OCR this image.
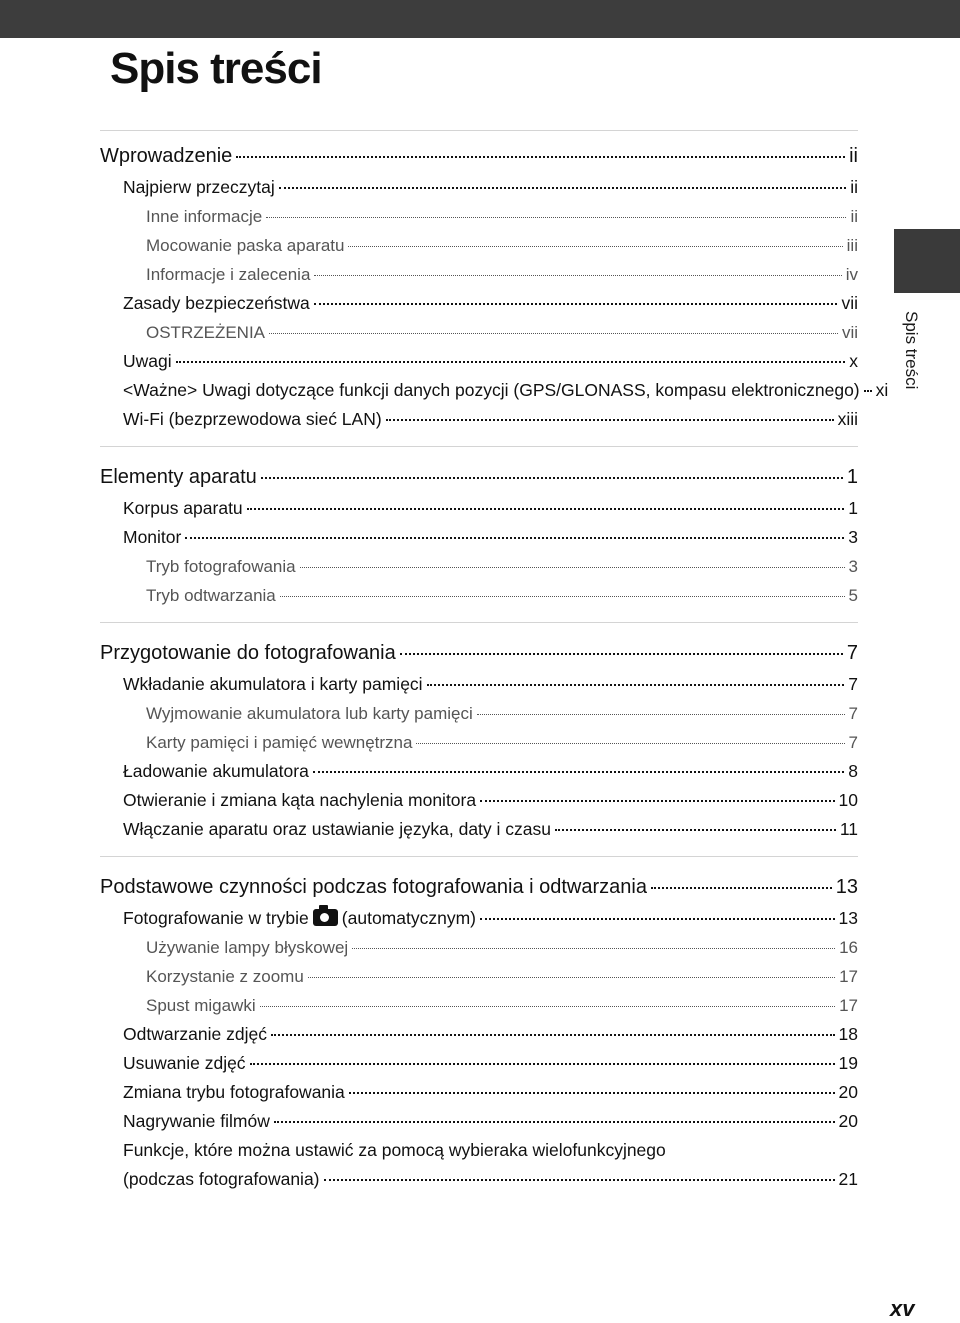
Spis treści
Spis treści
Wprowadzenie	ii
Najpierw przeczytaj	ii
Inne informacje	ii
Mocowanie paska aparatu	iii
Informacje i zalecenia	iv
Zasady bezpieczeństwa	vii
OSTRZEŻENIA	vii
Uwagi	x
<Ważne> Uwagi dotyczące funkcji danych pozycji (GPS/GLONASS, kompasu elektronicznego) xi
Wi-Fi (bezprzewodowa sieć LAN)	xiii
Elementy aparatu	1
Korpus aparatu	1
Monitor	3
Tryb fotografowania	3
Tryb odtwarzania	5
Przygotowanie do fotografowania	7
Wkładanie akumulatora i karty pamięci	7
Wyjmowanie akumulatora lub karty pamięci	7
Karty pamięci i pamięć wewnętrzna	7
Ładowanie akumulatora	8
Otwieranie i zmiana kąta nachylenia monitora	10
Włączanie aparatu oraz ustawianie języka, daty i czasu	11
Podstawowe czynności podczas fotografowania i odtwarzania	13
Fotografowanie w trybie (automatycznym)	13
Używanie lampy błyskowej	16
Korzystanie z zoomu	17
Spust migawki	17
Odtwarzanie zdjęć	18
Usuwanie zdjęć	19
Zmiana trybu fotografowania	20
Nagrywanie filmów	20
Funkcje, które można ustawić za pomocą wybieraka wielofunkcyjnego
(podczas fotografowania)	21
xv
